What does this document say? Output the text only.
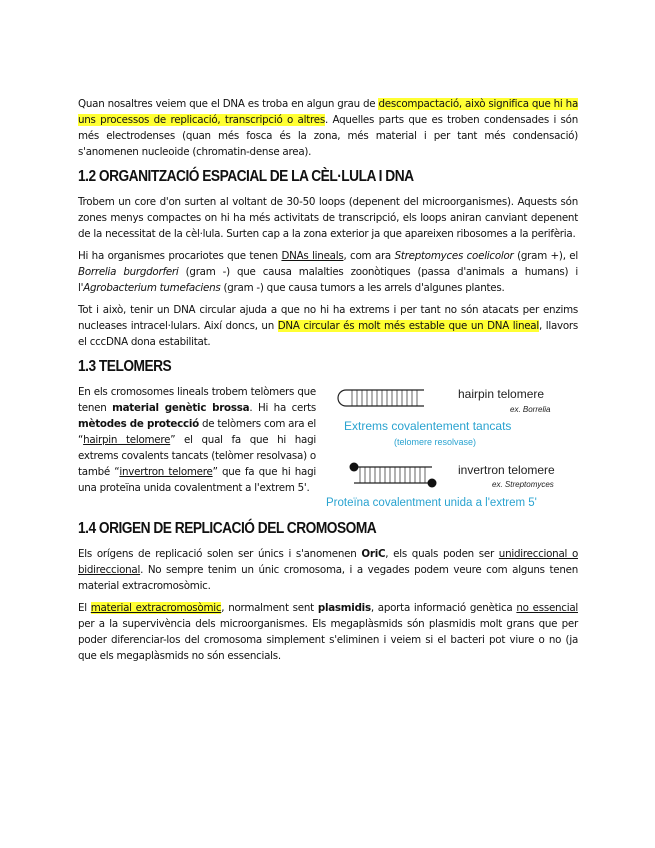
Quan nosaltres veiem que el DNA es troba en algun grau de descompactació, això significa que hi ha uns processos de replicació, transcripció o altres. Aquelles parts que es troben condensades i són més electrodenses (quan més fosca és la zona, més material i per tant més condensació) s'anomenen nucleoide (chromatin-dense area).

1.2 ORGANITZACIÓ ESPACIAL DE LA CÈL·LULA I DNA

Trobem un core d'on surten al voltant de 30-50 loops (depenent del microorganismes). Aquests són zones menys compactes on hi ha més activitats de transcripció, els loops aniran canviant depenent de la necessitat de la cèl·lula. Surten cap a la zona exterior ja que apareixen ribosomes a la perifèria.

Hi ha organismes procariotes que tenen DNAs lineals, com ara Streptomyces coelicolor (gram +), el Borrelia burgdorferi (gram -) que causa malalties zoonòtiques (passa d'animals a humans) i l'Agrobacterium tumefaciens (gram -) que causa tumors a les arrels d'algunes plantes.

Tot i això, tenir un DNA circular ajuda a que no hi ha extrems i per tant no són atacats per enzims nucleases intracel·lulars. Així doncs, un DNA circular és molt més estable que un DNA lineal, llavors el cccDNA dona estabilitat.

1.3 TELOMERS

En els cromosomes lineals trobem telòmers que tenen material genètic brossa. Hi ha certs mètodes de protecció de telòmers com ara el “hairpin telomere” el qual fa que hi hagi extrems covalents tancats (telòmer resolvasa) o també “invertron telomere” que fa que hi hagi una proteïna unida covalentment a l'extrem 5'.

hairpin telomere
ex. Borrelia
Extrems covalentement tancats
(telomere resolvase)
invertron telomere
ex. Streptomyces
Proteïna covalentment unida a l'extrem 5'
1.4 ORIGEN DE REPLICACIÓ DEL CROMOSOMA

Els orígens de replicació solen ser únics i s'anomenen OriC, els quals poden ser unidireccional o bidireccional. No sempre tenim un únic cromosoma, i a vegades podem veure com alguns tenen material extracromosòmic.

El material extracromosòmic, normalment sent plasmidis, aporta informació genètica no essencial per a la supervivència dels microorganismes. Els megaplàsmids són plasmidis molt grans que per poder diferenciar-los del cromosoma simplement s'eliminen i veiem si el bacteri pot viure o no (ja que els megaplàsmids no són essencials.
